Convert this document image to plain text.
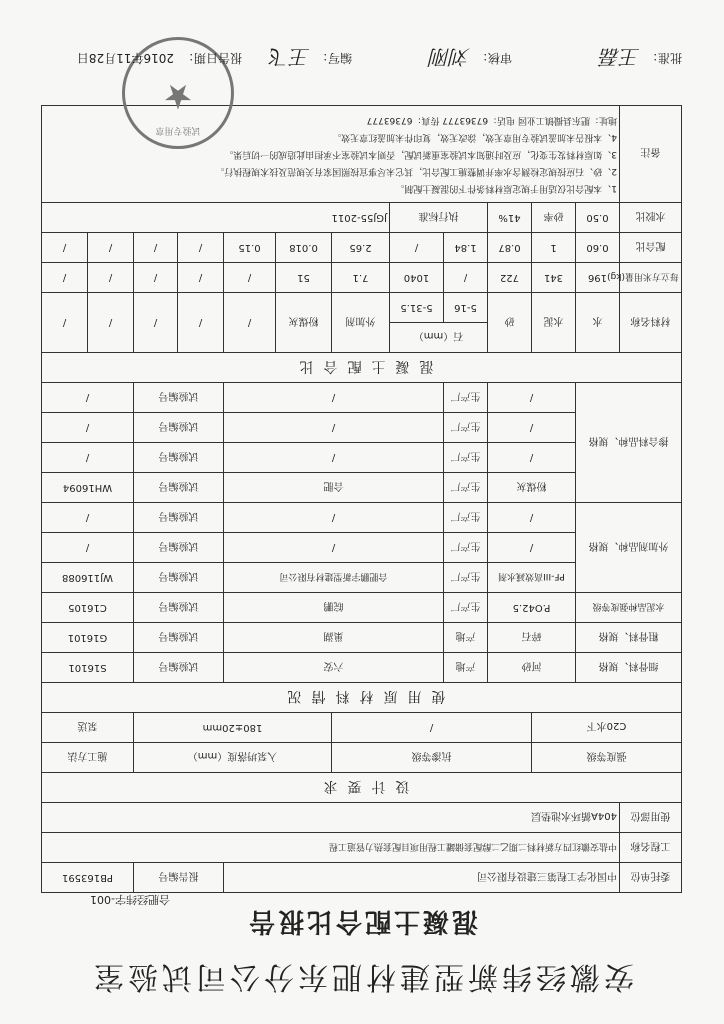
安徽经纬新型建材肥东分公司试验室
混凝土配合比报告
合肥经纬字-001
委托单位	中国化学工程第三建设有限公司								报告编号		PB163591	
工程名称	中盐安徽红四方新材料二期乙二醇配套储罐工程用项目配套热力管道工程											
使用部位	404A循环水池垫层											
设计要求												
强度等级			抗渗等级				入泵坍落度（mm）				施工方法	
C20水下			/				180±20mm				泵送	
使用原材料情况												
细骨料、规格		河砂		产地	六安				试验编号		S16101	
粗骨料、规格		碎石		产地	巢湖				试验编号		G16101	
水泥品种强度等级		P.O42.5		生产厂	皖鹏				试验编号		C16105	
外加剂品种、规格		PF-III高效减水剂		生产厂	合肥鹏宇新型建材有限公司				试验编号		WJ116088	
		/		生产厂	/				试验编号		/	
		/		生产厂	/				试验编号		/	
掺合料品种、规格		粉煤灰		生产厂	合肥				试验编号		WH16094	
		/		生产厂	/				试验编号		/	
		/		生产厂	/				试验编号		/	
		/		生产厂	/				试验编号		/	
混凝土配合比												
材料名称	水	水泥	砂	石（mm）		外加剂	粉煤灰	/	/	/	/	/
				5-16	5-31.5							
每立方米用量(kg)	196	341	722	/	1040	7.1	51	/	/	/	/	/
配合比	0.60	1	0.87	1.84	/	2.65	0.018	0.15	/	/	/	/
水胶比	0.50	砂率	41%	执行标准		JGJ55-2011						
备注	1、本配合比仅适用于规定原材料条件下的混凝土配制。
2、砂、石应按规定检测含水率并调整施工配合比，其它未尽事宜按照国家有关规范及技术规程执行。
3、如原材料发生变化，应及时通知本试验室重新试配，否则本试验室不承担由此造成的一切后果。
4、本报告未加盖试验专用章无效，涂改无效，复印件未加盖红章无效。
地址：肥东县撮镇工业园 电话：67363777 传真：67363777											
试验专用章
★
批准：
王磊
审核：
刘刚
编写：
王飞
报告日期：
2016年11月28日
